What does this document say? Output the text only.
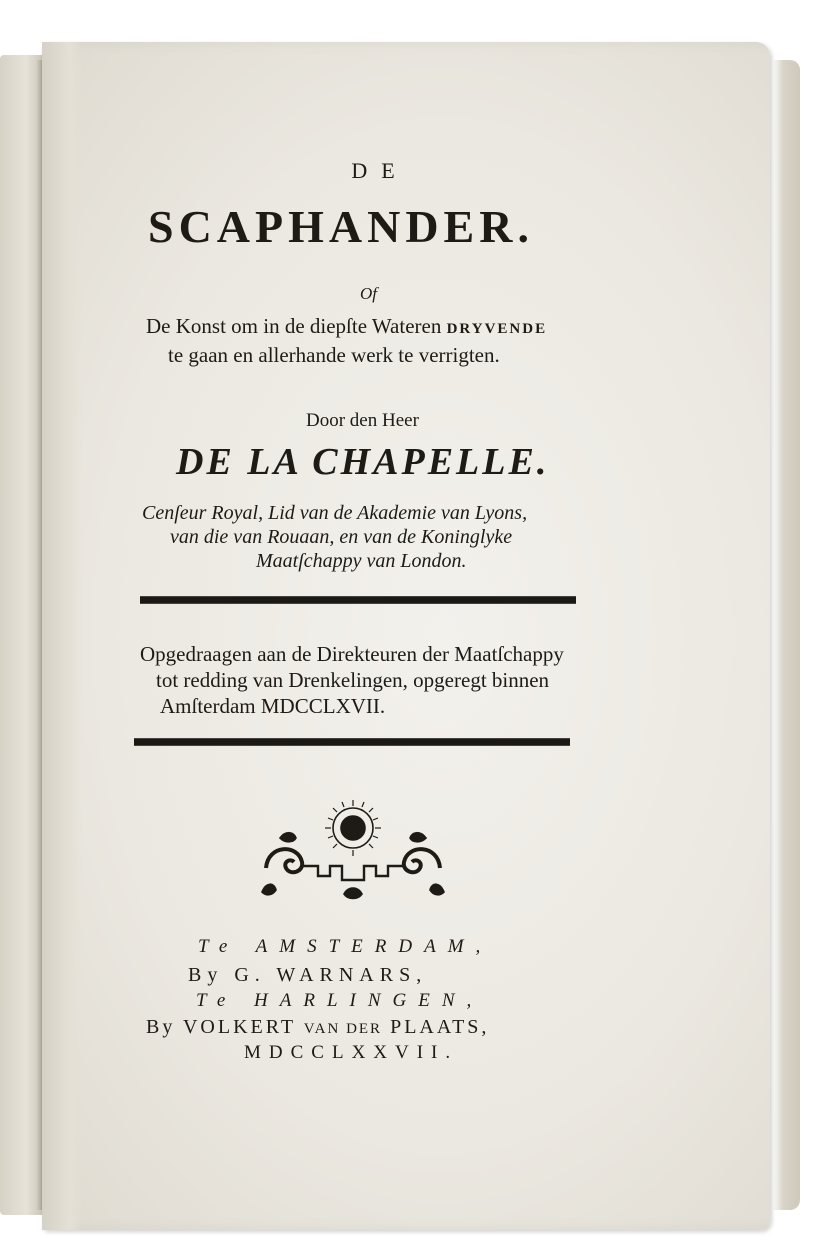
DE
SCAPHANDER.
Of
De Konst om in de diepſte Wateren DRYVENDE
te gaan en allerhande werk te verrigten.
Door den Heer
DE LA CHAPELLE.
Cenſeur Royal, Lid van de Akademie van Lyons,
van die van Rouaan, en van de Koninglyke
Maatſchappy van London.
Opgedraagen aan de Direkteuren der Maatſchappy
tot redding van Drenkelingen, opgeregt binnen
Amſterdam MDCCLXVII.
Te AMSTERDAM,
By G. WARNARS,
Te HARLINGEN,
By VOLKERT VAN DER PLAATS,
MDCCLXXVII.
